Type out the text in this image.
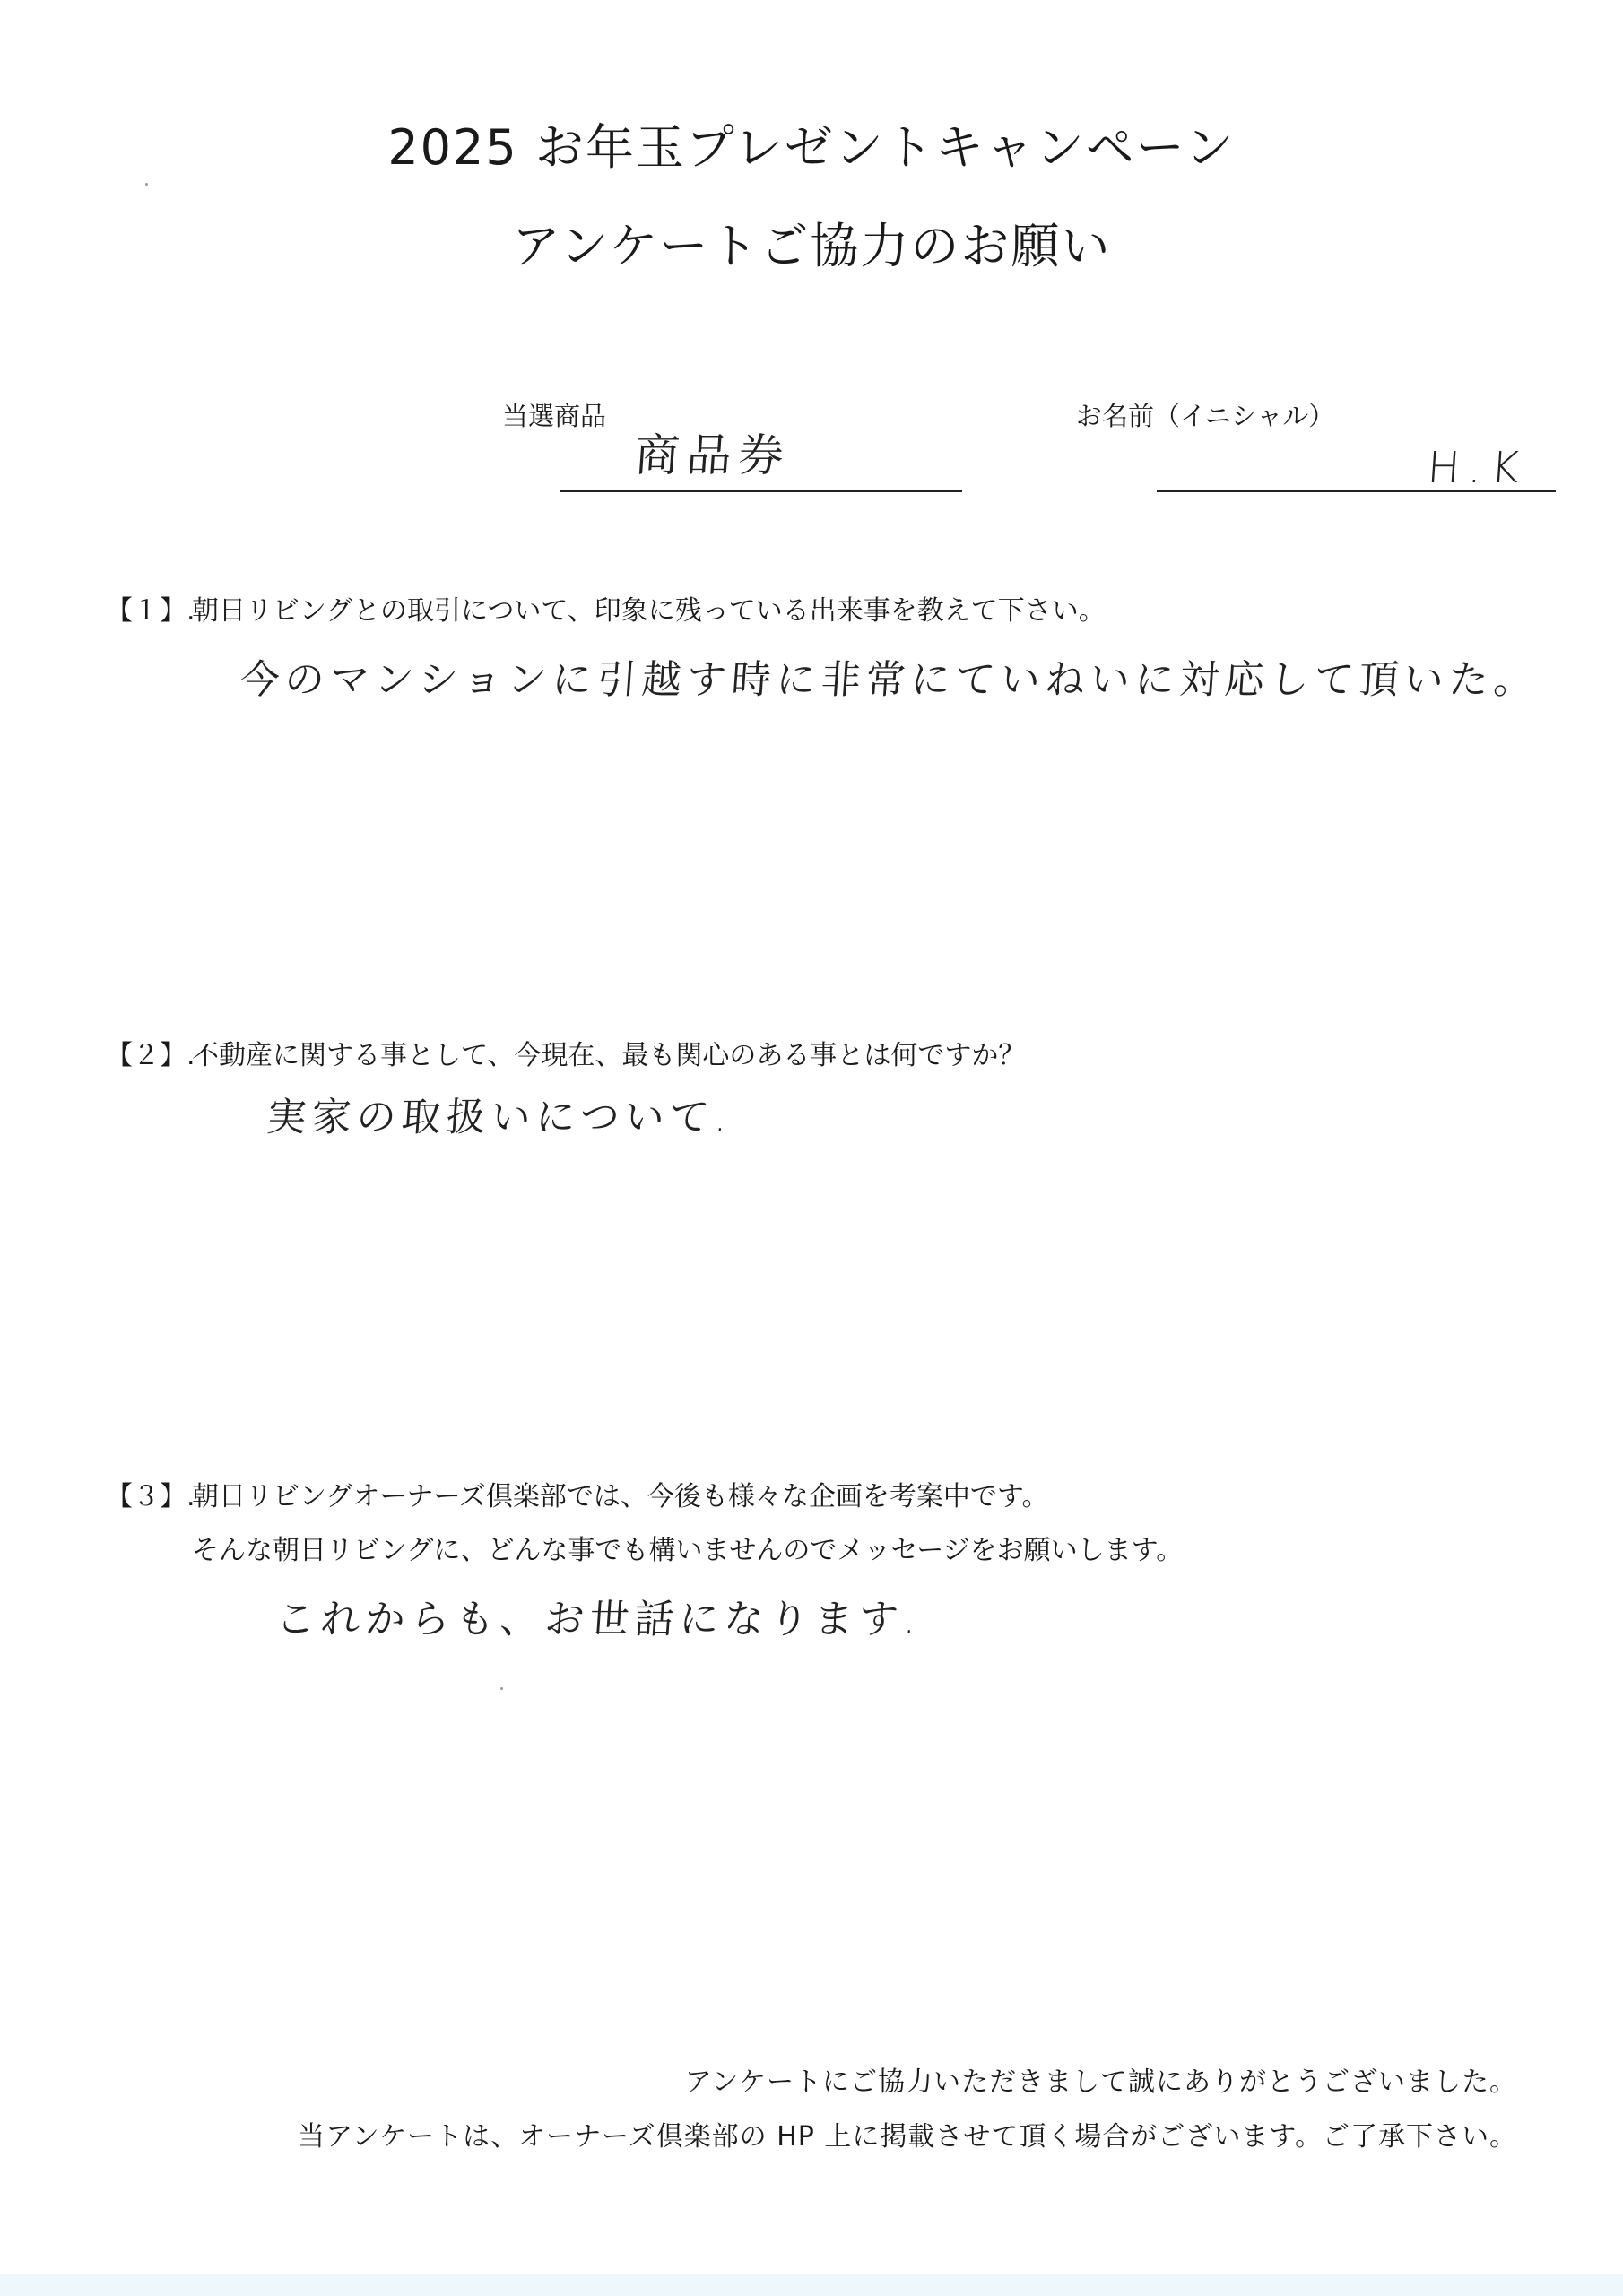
2025 お年玉プレゼントキャンペーン
アンケートご協力のお願い
当選商品
商品券
お名前（イニシャル）
H.K
【１】.朝日リビングとの取引について、印象に残っている出来事を教えて下さい。
今のマンションに引越す時に非常にていねいに対応して頂いた。
【２】.不動産に関する事として、今現在、最も関心のある事とは何ですか？
実家の取扱いについて.
【３】.朝日リビングオーナーズ倶楽部では、今後も様々な企画を考案中です。
そんな朝日リビングに、どんな事でも構いませんのでメッセージをお願いします。
これからも、お世話になります.
アンケートにご協力いただきまして誠にありがとうございました。
当アンケートは、オーナーズ倶楽部の HP 上に掲載させて頂く場合がございます。ご了承下さい。
